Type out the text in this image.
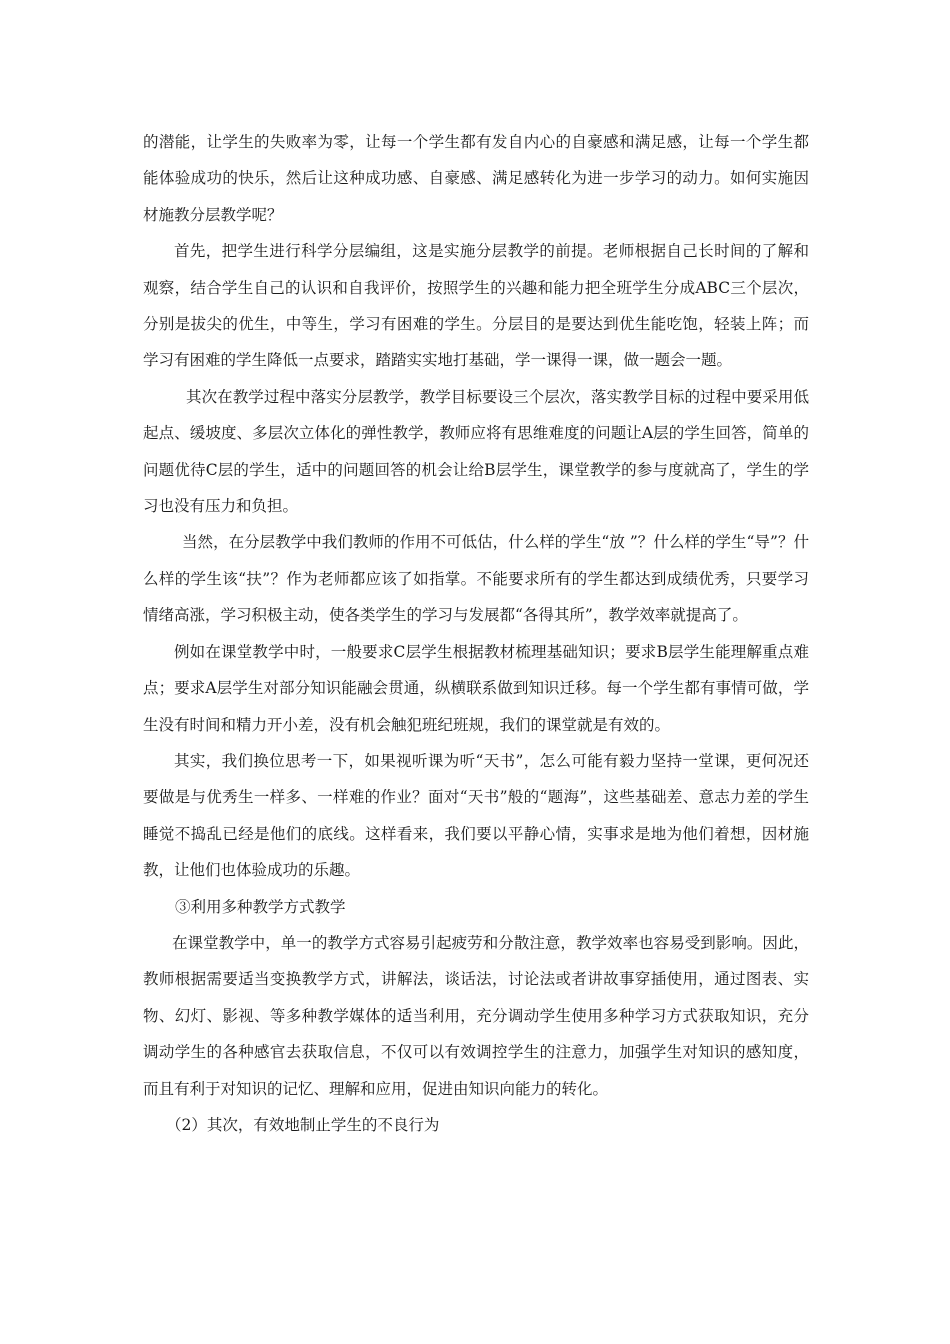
的潜能，让学生的失败率为零，让每一个学生都有发自内心的自豪感和满足感，让每一个学生都能体验成功的快乐，然后让这种成功感、自豪感、满足感转化为进一步学习的动力。如何实施因材施教分层教学呢？

首先，把学生进行科学分层编组，这是实施分层教学的前提。老师根据自己长时间的了解和观察，结合学生自己的认识和自我评价，按照学生的兴趣和能力把全班学生分成ABC三个层次，分别是拔尖的优生，中等生，学习有困难的学生。分层目的是要达到优生能吃饱，轻装上阵；而学习有困难的学生降低一点要求，踏踏实实地打基础，学一课得一课，做一题会一题。

其次在教学过程中落实分层教学，教学目标要设三个层次，落实教学目标的过程中要采用低起点、缓坡度、多层次立体化的弹性教学，教师应将有思维难度的问题让A层的学生回答，简单的问题优待C层的学生，适中的问题回答的机会让给B层学生，课堂教学的参与度就高了，学生的学习也没有压力和负担。

当然，在分层教学中我们教师的作用不可低估，什么样的学生“放 ”？什么样的学生“导”？什么样的学生该“扶”？作为老师都应该了如指掌。不能要求所有的学生都达到成绩优秀，只要学习情绪高涨，学习积极主动，使各类学生的学习与发展都“各得其所”，教学效率就提高了。

例如在课堂教学中时，一般要求C层学生根据教材梳理基础知识；要求B层学生能理解重点难点；要求A层学生对部分知识能融会贯通，纵横联系做到知识迁移。每一个学生都有事情可做，学生没有时间和精力开小差，没有机会触犯班纪班规，我们的课堂就是有效的。

其实，我们换位思考一下，如果视听课为听“天书”，怎么可能有毅力坚持一堂课，更何况还要做是与优秀生一样多、一样难的作业？面对“天书”般的“题海”，这些基础差、意志力差的学生睡觉不捣乱已经是他们的底线。这样看来，我们要以平静心情，实事求是地为他们着想，因材施教，让他们也体验成功的乐趣。

③利用多种教学方式教学

在课堂教学中，单一的教学方式容易引起疲劳和分散注意，教学效率也容易受到影响。因此，教师根据需要适当变换教学方式，讲解法，谈话法，讨论法或者讲故事穿插使用，通过图表、实物、幻灯、影视、等多种教学媒体的适当利用，充分调动学生使用多种学习方式获取知识，充分调动学生的各种感官去获取信息，不仅可以有效调控学生的注意力，加强学生对知识的感知度，而且有利于对知识的记忆、理解和应用，促进由知识向能力的转化。

（2）其次，有效地制止学生的不良行为
